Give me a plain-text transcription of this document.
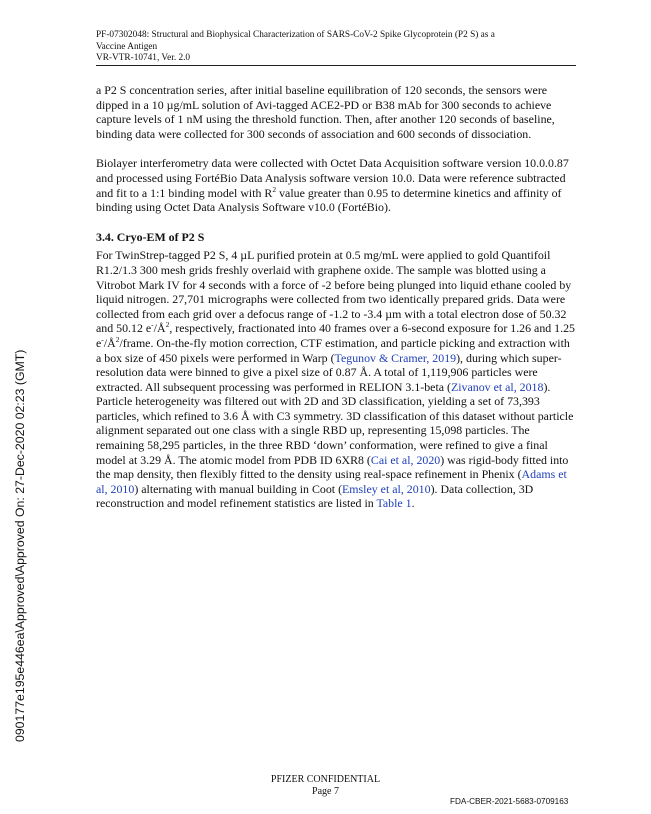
PF-07302048: Structural and Biophysical Characterization of SARS-CoV-2 Spike Glycoprotein (P2 S) as a
Vaccine Antigen
VR-VTR-10741, Ver. 2.0

a P2 S concentration series, after initial baseline equilibration of 120 seconds, the sensors were dipped in a 10 µg/mL solution of Avi-tagged ACE2-PD or B38 mAb for 300 seconds to achieve capture levels of 1 nM using the threshold function. Then, after another 120 seconds of baseline, binding data were collected for 300 seconds of association and 600 seconds of dissociation.

Biolayer interferometry data were collected with Octet Data Acquisition software version 10.0.0.87 and processed using FortéBio Data Analysis software version 10.0. Data were reference subtracted and fit to a 1:1 binding model with $R^2$ value greater than 0.95 to determine kinetics and affinity of binding using Octet Data Analysis Software v10.0 (FortéBio).

3.4. Cryo-EM of P2 S

For TwinStrep-tagged P2 S, 4 µL purified protein at 0.5 mg/mL were applied to gold Quantifoil R1.2/1.3 300 mesh grids freshly overlaid with graphene oxide. The sample was blotted using a Vitrobot Mark IV for 4 seconds with a force of -2 before being plunged into liquid ethane cooled by liquid nitrogen. 27,701 micrographs were collected from two identically prepared grids. Data were collected from each grid over a defocus range of -1.2 to -3.4 µm with a total electron dose of 50.32 and 50.12 $e^-/Å^2$, respectively, fractionated into 40 frames over a 6-second exposure for 1.26 and 1.25 $e^-/Å^2$/frame. On-the-fly motion correction, CTF estimation, and particle picking and extraction with a box size of 450 pixels were performed in Warp (Tegunov & Cramer, 2019), during which super-resolution data were binned to give a pixel size of 0.87 Å. A total of 1,119,906 particles were extracted. All subsequent processing was performed in RELION 3.1-beta (Zivanov et al, 2018). Particle heterogeneity was filtered out with 2D and 3D classification, yielding a set of 73,393 particles, which refined to 3.6 Å with C3 symmetry. 3D classification of this dataset without particle alignment separated out one class with a single RBD up, representing 15,098 particles. The remaining 58,295 particles, in the three RBD ‘down’ conformation, were refined to give a final model at 3.29 Å. The atomic model from PDB ID 6XR8 (Cai et al, 2020) was rigid-body fitted into the map density, then flexibly fitted to the density using real-space refinement in Phenix (Adams et al, 2010) alternating with manual building in Coot (Emsley et al, 2010). Data collection, 3D reconstruction and model refinement statistics are listed in Table 1.

090177e195e446ea\Approved\Approved On: 27-Dec-2020 02:23 (GMT)
PFIZER CONFIDENTIAL
Page 7
FDA-CBER-2021-5683-0709163
